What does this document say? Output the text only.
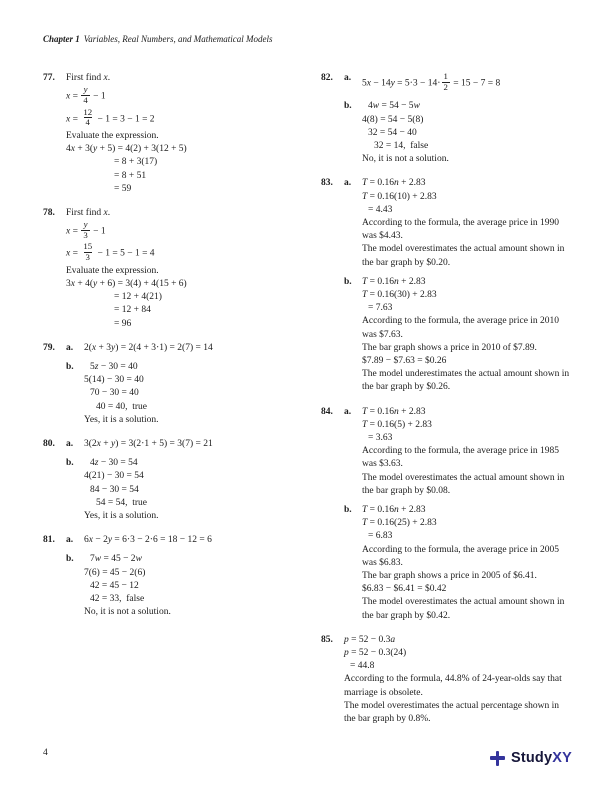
Chapter 1 Variables, Real Numbers, and Mathematical Models
77.	First find x.
$x = \frac{y}{4} - 1$
$x = \frac{12}{4} - 1 = 3 - 1 = 2$
Evaluate the expression.
4x + 3(y + 5) = 4(2) + 3(12 + 5)
= 8 + 3(17)
= 8 + 51
= 59
78.	First find x.
$x = \frac{y}{3} - 1$
$x = \frac{15}{3} - 1 = 5 - 1 = 4$
Evaluate the expression.
3x + 4(y + 6) = 3(4) + 4(15 + 6)
= 12 + 4(21)
= 12 + 84
= 96
79.	a.	2(x + 3y) = 2(4 + 3⋅1) = 2(7) = 14
b.	5z − 30 = 40
5(14) − 30 = 40
70 − 30 = 40
40 = 40,  true
Yes, it is a solution.
80.	a.	3(2x + y) = 3(2⋅1 + 5) = 3(7) = 21
b.	4z − 30 = 54
4(21) − 30 = 54
84 − 30 = 54
54 = 54,  true
Yes, it is a solution.
81.	a.	6x − 2y = 6⋅3 − 2⋅6 = 18 − 12 = 6
b.	7w = 45 − 2w
7(6) = 45 − 2(6)
42 = 45 − 12
42 = 33,  false
No, it is not a solution.
82.	a.
$5x - 14y = 5\cdot 3 - 14\cdot \frac{1}{2} = 15 - 7 = 8$
b.	4w = 54 − 5w
4(8) = 54 − 5(8)
32 = 54 − 40
32 = 14,  false
No, it is not a solution.
83.	a.	T = 0.16n + 2.83
T = 0.16(10) + 2.83
= 4.43
According to the formula, the average price in 1990 was $4.43.
The model overestimates the actual amount shown in the bar graph by $0.20.
b.	T = 0.16n + 2.83
T = 0.16(30) + 2.83
= 7.63
According to the formula, the average price in 2010 was $7.63.
The bar graph shows a price in 2010 of $7.89.
$7.89 − $7.63 = $0.26
The model underestimates the actual amount shown in the bar graph by $0.26.
84.	a.	T = 0.16n + 2.83
T = 0.16(5) + 2.83
= 3.63
According to the formula, the average price in 1985 was $3.63.
The model overestimates the actual amount shown in the bar graph by $0.08.
b.	T = 0.16n + 2.83
T = 0.16(25) + 2.83
= 6.83
According to the formula, the average price in 2005 was $6.83.
The bar graph shows a price in 2005 of $6.41.
$6.83 − $6.41 = $0.42
The model overestimates the actual amount shown in the bar graph by $0.42.
85.	p = 52 − 0.3a
p = 52 − 0.3(24)
= 44.8
According to the formula, 44.8% of 24-year-olds say that marriage is obsolete.
The model overestimates the actual percentage shown in the bar graph by 0.8%.
4	StudyXY
